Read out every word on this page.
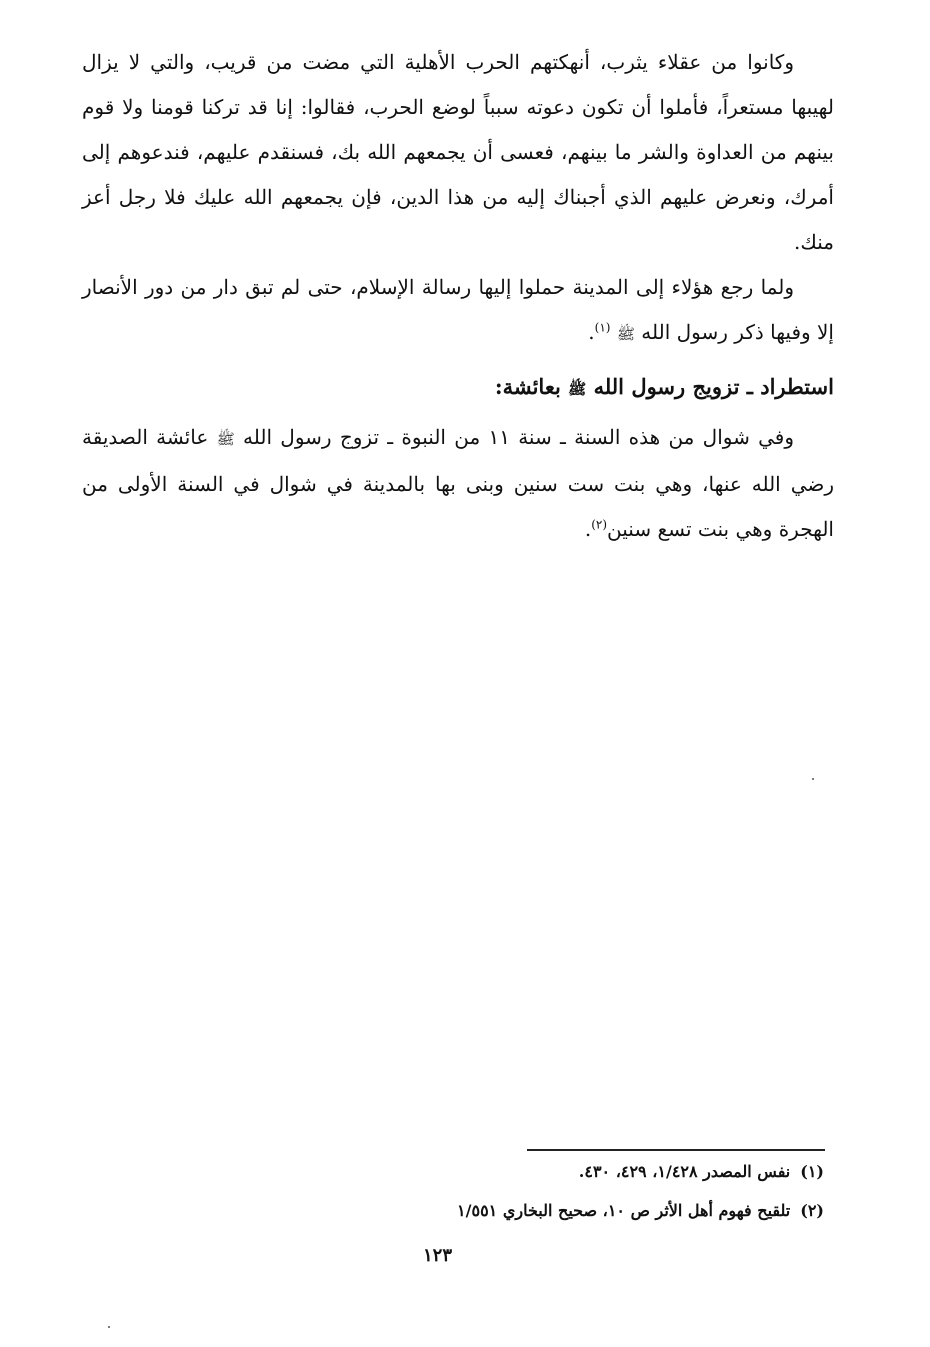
وكانوا من عقلاء يثرب، أنهكتهم الحرب الأهلية التي مضت من قريب، والتي لا يزال لهيبها مستعراً، فأملوا أن تكون دعوته سبباً لوضع الحرب، فقالوا: إنا قد تركنا قومنا ولا قوم بينهم من العداوة والشر ما بينهم، فعسى أن يجمعهم الله بك، فسنقدم عليهم، فندعوهم إلى أمرك، ونعرض عليهم الذي أجبناك إليه من هذا الدين، فإن يجمعهم الله عليك فلا رجل أعز منك.

ولما رجع هؤلاء إلى المدينة حملوا إليها رسالة الإسلام، حتى لم تبق دار من دور الأنصار إلا وفيها ذكر رسول الله ﷺ $^{(١)}$.

استطراد ـ تزويج رسول الله ﷺ بعائشة:

وفي شوال من هذه السنة ـ سنة ١١ من النبوة ـ تزوج رسول الله ﷺ عائشة الصديقة رضي الله عنها، وهي بنت ست سنين وبنى بها بالمدينة في شوال في السنة الأولى من الهجرة وهي بنت تسع سنين$^{(٢)}$.

(١)نفس المصدر ١/٤٢٨، ٤٢٩، ٤٣٠.

(٢)تلقيح فهوم أهل الأثر ص ١٠، صحيح البخاري ١/٥٥١

١٢٣
